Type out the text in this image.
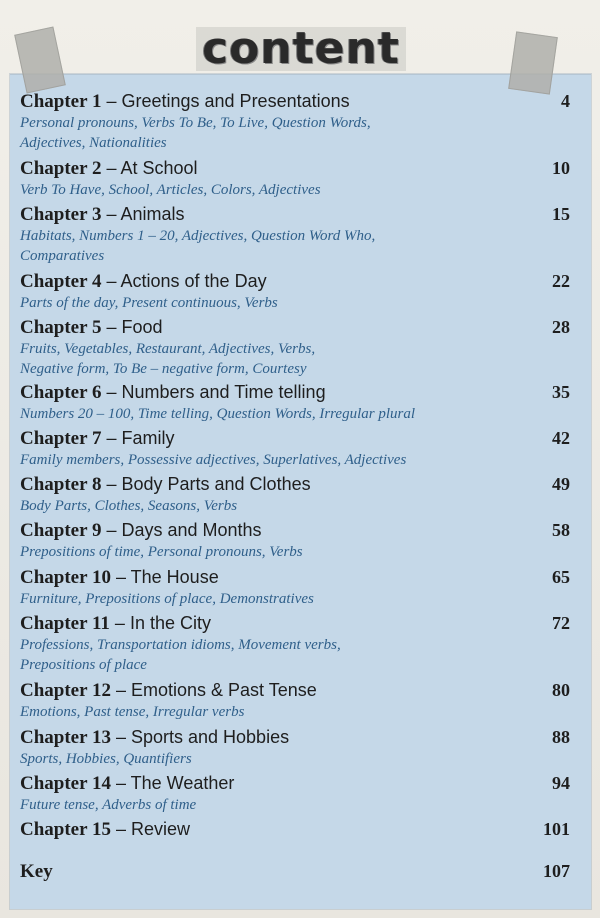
content
Chapter 1 – Greetings and Presentations	4
Personal pronouns, Verbs To Be, To Live, Question Words,
Adjectives, Nationalities
Chapter 2 – At School	10
Verb To Have, School, Articles, Colors, Adjectives
Chapter 3 – Animals	15
Habitats, Numbers 1 – 20, Adjectives, Question Word Who,
Comparatives
Chapter 4 – Actions of the Day	22
Parts of the day, Present continuous, Verbs
Chapter 5 – Food	28
Fruits, Vegetables, Restaurant, Adjectives, Verbs,
Negative form, To Be – negative form, Courtesy
Chapter 6 – Numbers and Time telling	35
Numbers 20 – 100, Time telling, Question Words, Irregular plural
Chapter 7 – Family	42
Family members, Possessive adjectives, Superlatives, Adjectives
Chapter 8 – Body Parts and Clothes	49
Body Parts, Clothes, Seasons, Verbs
Chapter 9 – Days and Months	58
Prepositions of time, Personal pronouns, Verbs
Chapter 10 – The House	65
Furniture, Prepositions of place, Demonstratives
Chapter 11 – In the City	72
Professions, Transportation idioms, Movement verbs,
Prepositions of place
Chapter 12 – Emotions & Past Tense	80
Emotions, Past tense, Irregular verbs
Chapter 13 – Sports and Hobbies	88
Sports, Hobbies, Quantifiers
Chapter 14 – The Weather	94
Future tense, Adverbs of time
Chapter 15 – Review	101
Key	107
